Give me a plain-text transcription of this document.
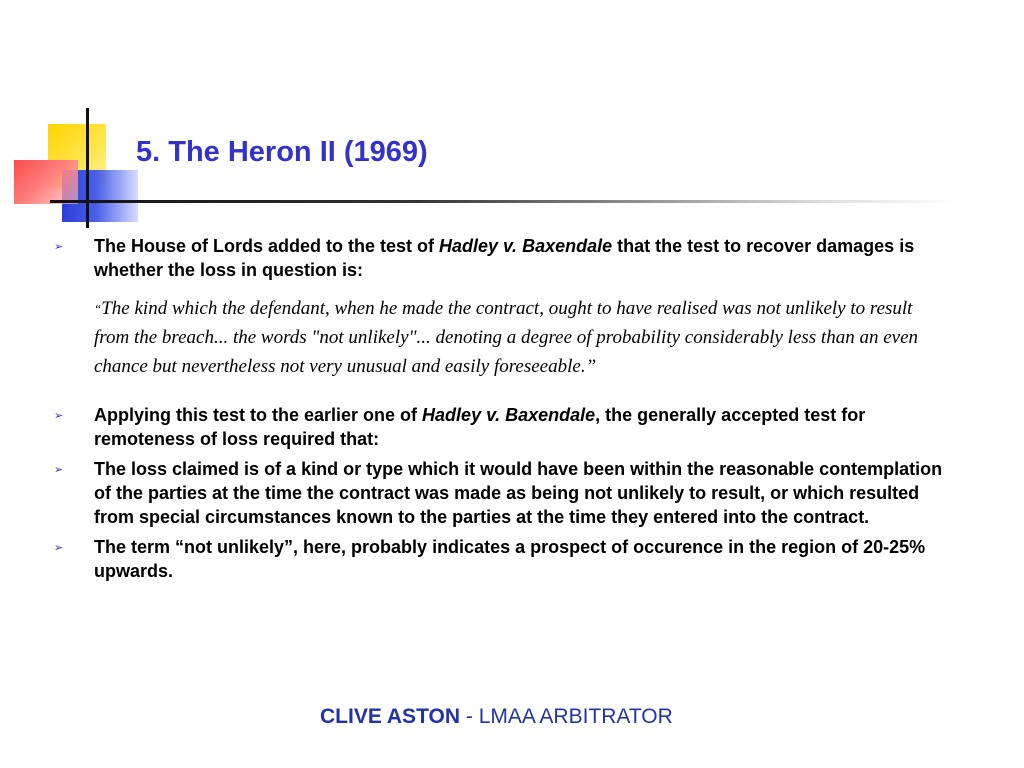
5. The Heron II (1969)
➢	The House of Lords added to the test of Hadley v. Baxendale that the test to recover damages is whether the loss in question is:
“The kind which the defendant, when he made the contract, ought to have realised was not unlikely to result from the breach... the words "not unlikely"... denoting a degree of probability considerably less than an even chance but nevertheless not very unusual and easily foreseeable.”
➢	Applying this test to the earlier one of Hadley v. Baxendale, the generally accepted test for remoteness of loss required that:
➢	The loss claimed is of a kind or type which it would have been within the reasonable contemplation of the parties at the time the contract was made as being not unlikely to result, or which resulted from special circumstances known to the parties at the time they entered into the contract.
➢	The term “not unlikely”, here, probably indicates a prospect of occurence in the region of 20-25% upwards.
CLIVE ASTON - LMAA ARBITRATOR
